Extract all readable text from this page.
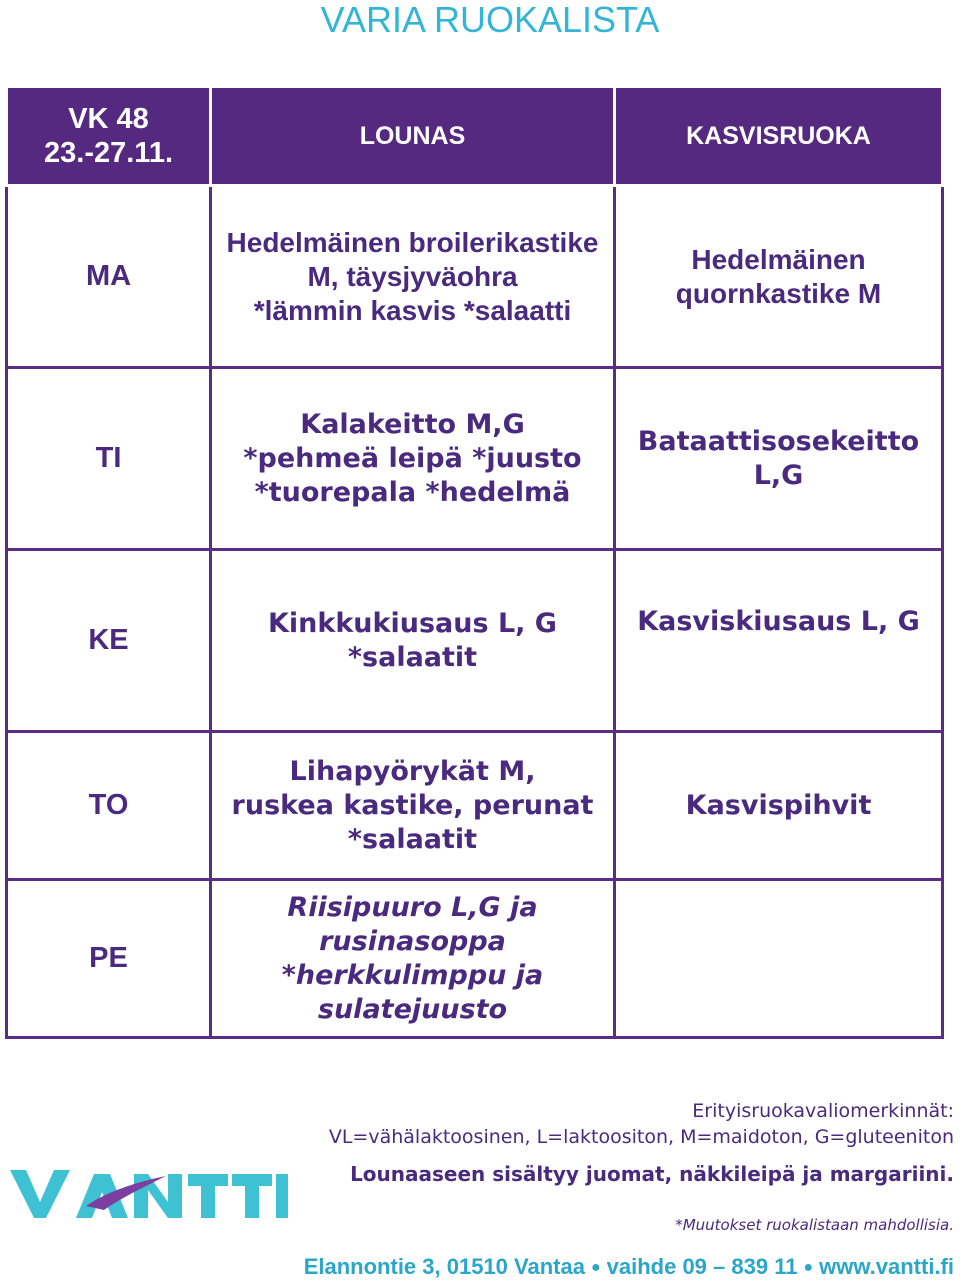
VARIA RUOKALISTA
VK 48
23.-27.11.	LOUNAS	KASVISRUOKA
MA	Hedelmäinen broilerikastike
M, täysjyväohra
*lämmin kasvis *salaatti	Hedelmäinen
quornkastike M

TI	Kalakeitto M,G
*pehmeä leipä *juusto
*tuorepala *hedelmä	Bataattisosekeitto L,G

KE	Kinkkukiusaus L, G
*salaatit	Kasviskiusaus L, G

TO	Lihapyörykät M,
ruskea kastike, perunat
*salaatit	Kasvispihvit

PE	Riisipuuro L,G ja
rusinasoppa
*herkkulimppu ja
sulatejuusto	

Erityisruokavaliomerkinnät:
VL=vähälaktoosinen, L=laktoositon, M=maidoton, G=gluteeniton
Lounaaseen sisältyy juomat, näkkileipä ja margariini.
*Muutokset ruokalistaan mahdollisia.
Elannontie 3, 01510 Vantaa ● vaihde 09 – 839 11 ● www.vantti.fi
